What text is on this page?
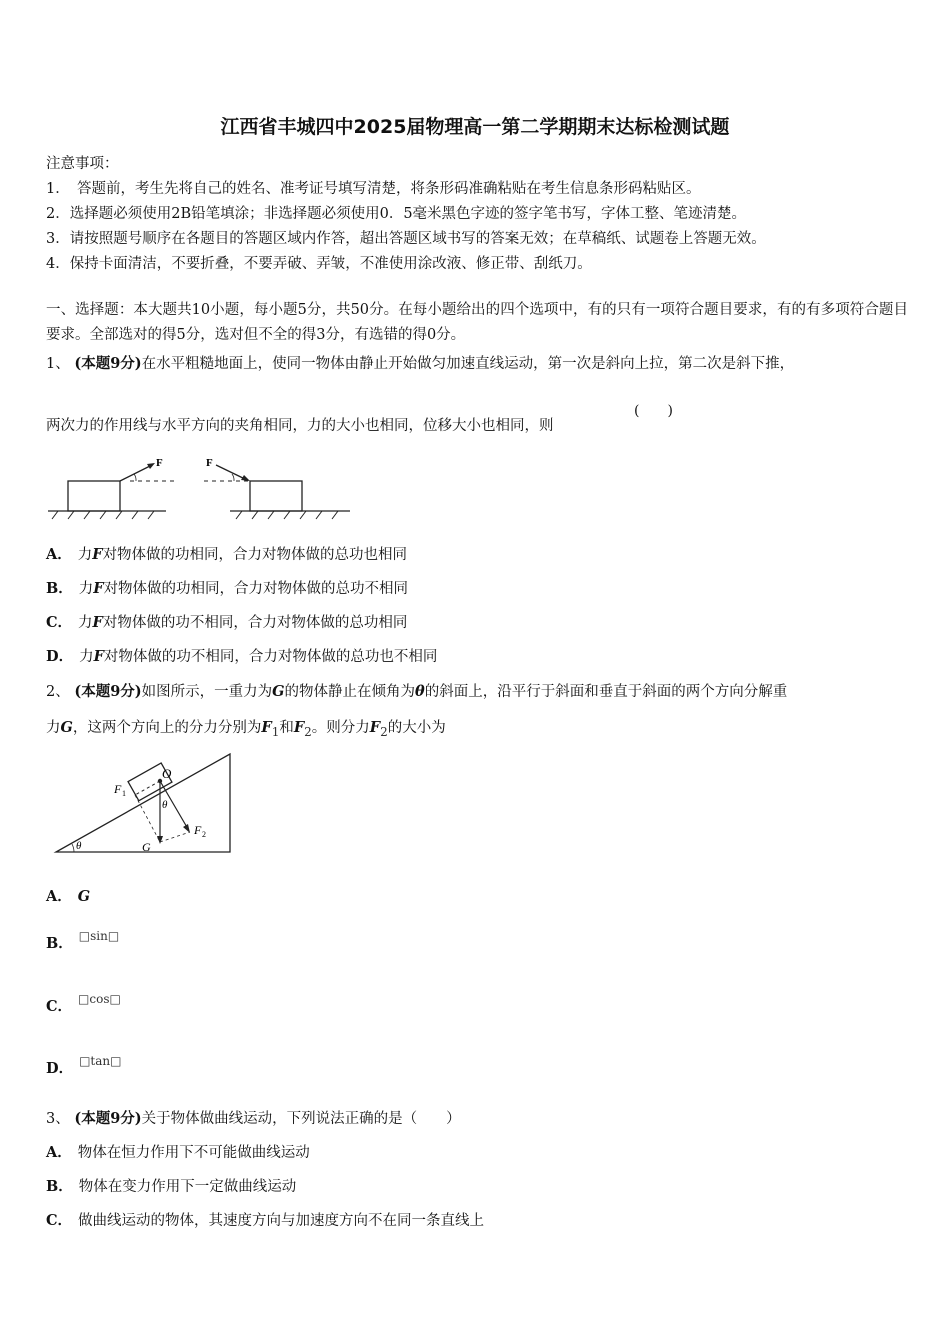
江西省丰城四中2025届物理高一第二学期期末达标检测试题
注意事项：
1．　答题前，考生先将自己的姓名、准考证号填写清楚，将条形码准确粘贴在考生信息条形码粘贴区。
2．选择题必须使用2B铅笔填涂；非选择题必须使用0．5毫米黑色字迹的签字笔书写，字体工整、笔迹清楚。
3．请按照题号顺序在各题目的答题区域内作答，超出答题区域书写的答案无效；在草稿纸、试题卷上答题无效。
4．保持卡面清洁，不要折叠，不要弄破、弄皱，不准使用涂改液、修正带、刮纸刀。
一、选择题：本大题共10小题，每小题5分，共50分。在每小题给出的四个选项中，有的只有一项符合题目要求，有的有多项符合题目要求。全部选对的得5分，选对但不全的得3分，有选错的得0分。
1、 (本题9分)在水平粗糙地面上，使同一物体由静止开始做匀加速直线运动，第一次是斜向上拉，第二次是斜下推，
两次力的作用线与水平方向的夹角相同，力的大小也相同，位移大小也相同，则
(　　)
F	F
A． 力F对物体做的功相同，合力对物体做的总功也相同
B． 力F对物体做的功相同，合力对物体做的总功不相同
C． 力F对物体做的功不相同，合力对物体做的总功相同
D． 力F对物体做的功不相同，合力对物体做的总功也不相同
2、 (本题9分)如图所示，一重力为G的物体静止在倾角为θ的斜面上，沿平行于斜面和垂直于斜面的两个方向分解重
力G，这两个方向上的分力分别为$F_1$和$F_2$。则分力$F_2$的大小为
O
F 1
F 2
G
θ
θ
A． G
B． $^{□sin□}$
C． $^{□cos□}$
D． $^{□tan□}$
3、 (本题9分)关于物体做曲线运动，下列说法正确的是（　　）
A． 物体在恒力作用下不可能做曲线运动
B． 物体在变力作用下一定做曲线运动
C． 做曲线运动的物体，其速度方向与加速度方向不在同一条直线上
